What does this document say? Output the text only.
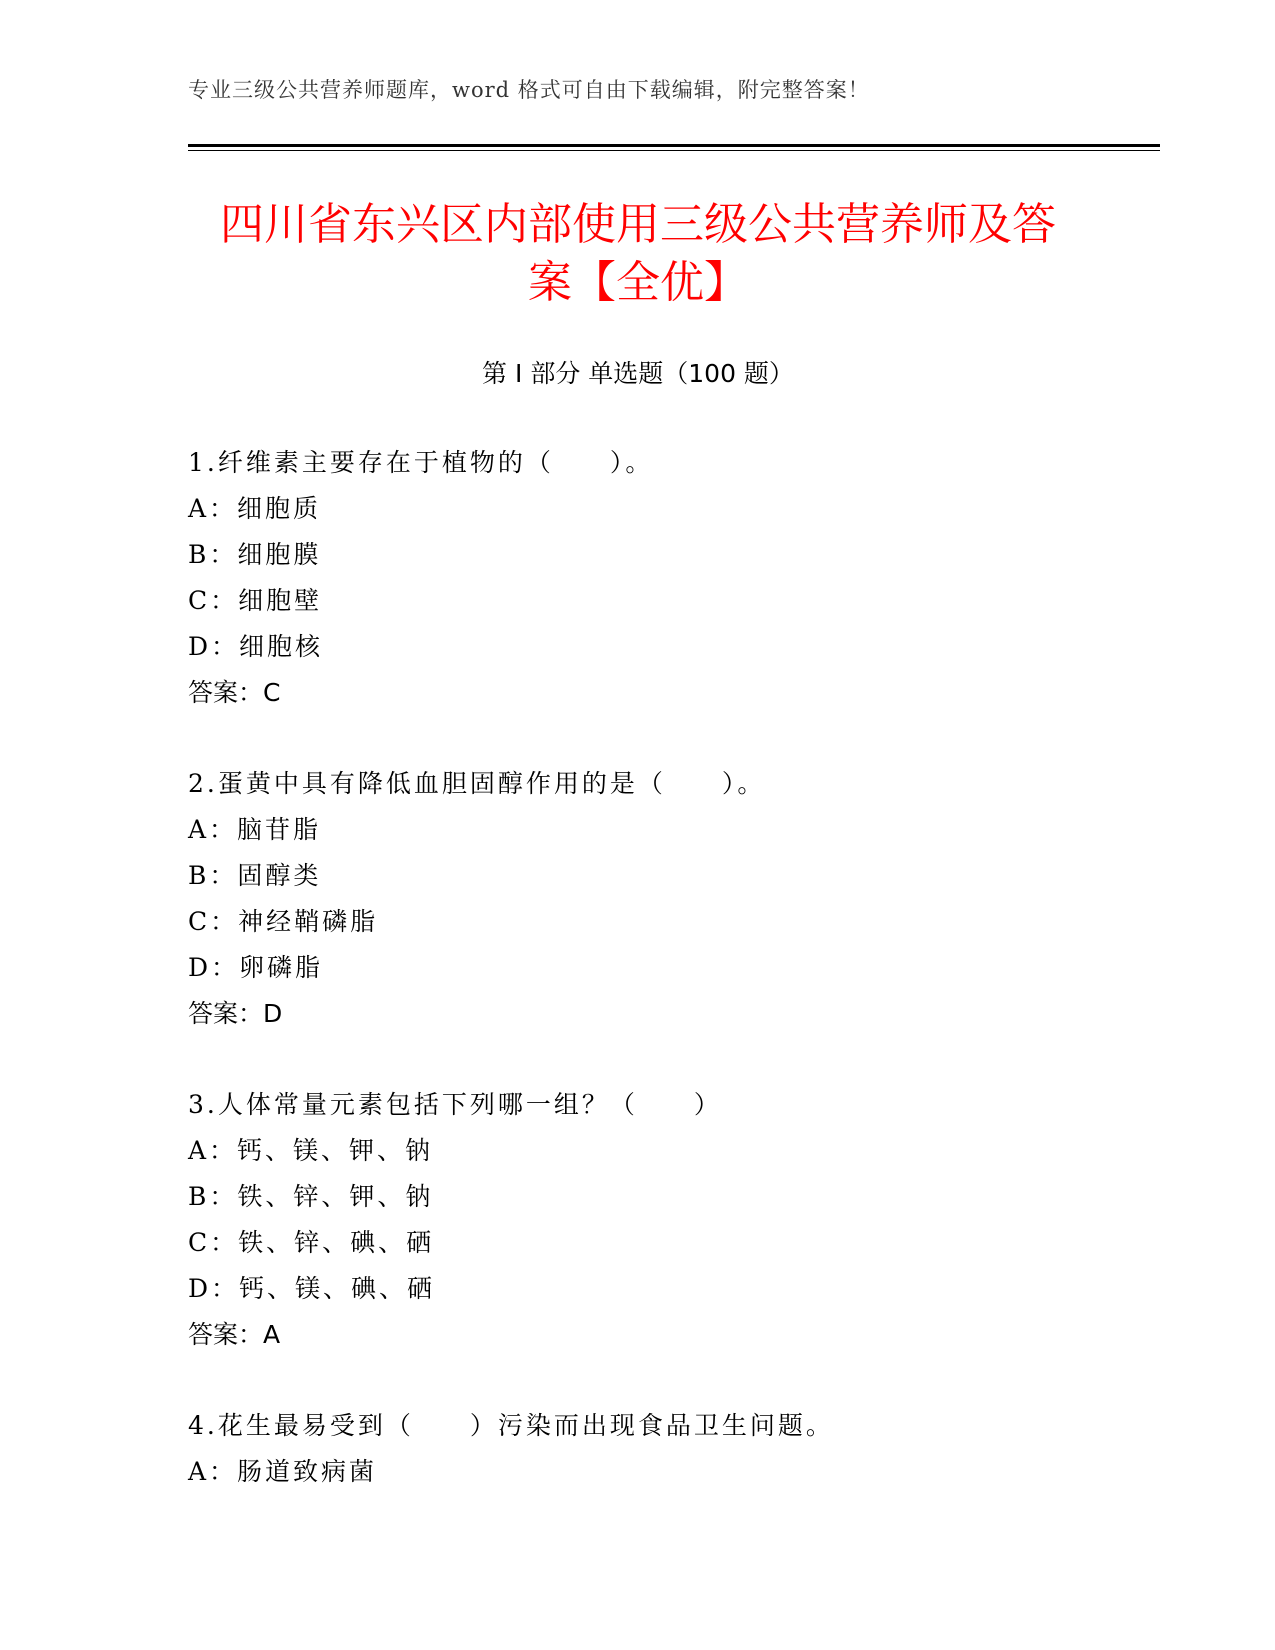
专业三级公共营养师题库，word 格式可自由下载编辑，附完整答案！
四川省东兴区内部使用三级公共营养师及答
案【全优】
第 I 部分 单选题（100 题）
1.纤维素主要存在于植物的（　　）。
A：细胞质
B：细胞膜
C：细胞壁
D：细胞核
答案：C
2.蛋黄中具有降低血胆固醇作用的是（　　）。
A：脑苷脂
B：固醇类
C：神经鞘磷脂
D：卵磷脂
答案：D
3.人体常量元素包括下列哪一组？（　　）
A：钙、镁、钾、钠
B：铁、锌、钾、钠
C：铁、锌、碘、硒
D：钙、镁、碘、硒
答案：A
4.花生最易受到（　　）污染而出现食品卫生问题。
A：肠道致病菌
